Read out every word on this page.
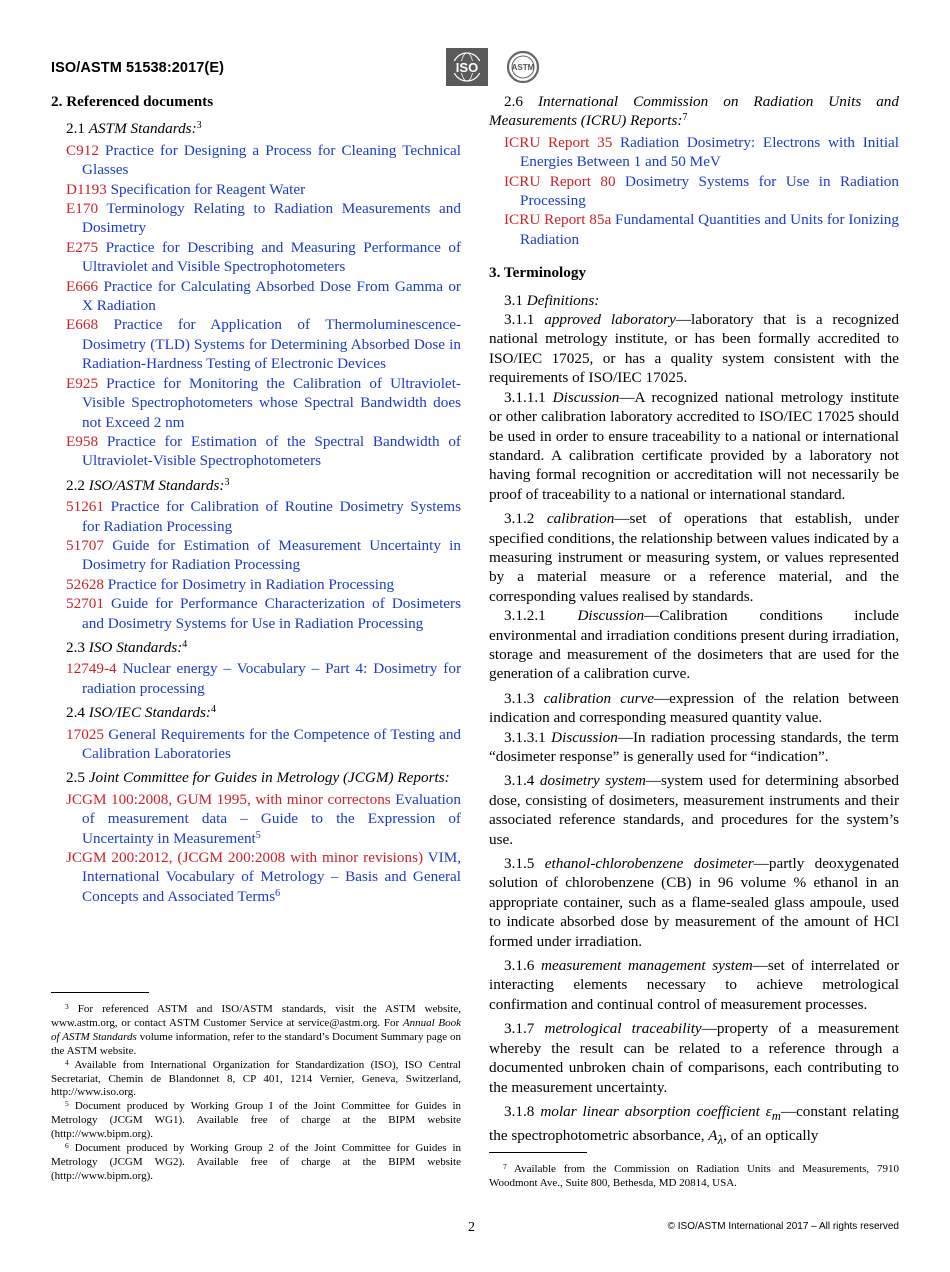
ISO/ASTM 51538:2017(E)	ISO	ASTM
2. Referenced documents
2.1 ASTM Standards:$^3$
C912 Practice for Designing a Process for Cleaning Technical Glasses
D1193 Specification for Reagent Water
E170 Terminology Relating to Radiation Measurements and Dosimetry
E275 Practice for Describing and Measuring Performance of Ultraviolet and Visible Spectrophotometers
E666 Practice for Calculating Absorbed Dose From Gamma or X Radiation
E668 Practice for Application of Thermoluminescence-Dosimetry (TLD) Systems for Determining Absorbed Dose in Radiation-Hardness Testing of Electronic Devices
E925 Practice for Monitoring the Calibration of Ultraviolet-Visible Spectrophotometers whose Spectral Bandwidth does not Exceed 2 nm
E958 Practice for Estimation of the Spectral Bandwidth of Ultraviolet-Visible Spectrophotometers
2.2 ISO/ASTM Standards:$^3$
51261 Practice for Calibration of Routine Dosimetry Systems for Radiation Processing
51707 Guide for Estimation of Measurement Uncertainty in Dosimetry for Radiation Processing
52628 Practice for Dosimetry in Radiation Processing
52701 Guide for Performance Characterization of Dosimeters and Dosimetry Systems for Use in Radiation Processing
2.3 ISO Standards:$^4$
12749-4 Nuclear energy – Vocabulary – Part 4: Dosimetry for radiation processing
2.4 ISO/IEC Standards:$^4$
17025 General Requirements for the Competence of Testing and Calibration Laboratories
2.5 Joint Committee for Guides in Metrology (JCGM) Reports:
JCGM 100:2008, GUM 1995, with minor correctons Evaluation of measurement data – Guide to the Expression of Uncertainty in Measurement$^5$
JCGM 200:2012, (JCGM 200:2008 with minor revisions) VIM, International Vocabulary of Metrology – Basis and General Concepts and Associated Terms$^6$
2.6 International Commission on Radiation Units and Measurements (ICRU) Reports:$^7$
ICRU Report 35 Radiation Dosimetry: Electrons with Initial Energies Between 1 and 50 MeV
ICRU Report 80 Dosimetry Systems for Use in Radiation Processing
ICRU Report 85a Fundamental Quantities and Units for Ionizing Radiation
3. Terminology
3.1 Definitions:
3.1.1 approved laboratory—laboratory that is a recognized national metrology institute, or has been formally accredited to ISO/IEC 17025, or has a quality system consistent with the requirements of ISO/IEC 17025.
3.1.1.1 Discussion—A recognized national metrology institute or other calibration laboratory accredited to ISO/IEC 17025 should be used in order to ensure traceability to a national or international standard. A calibration certificate provided by a laboratory not having formal recognition or accreditation will not necessarily be proof of traceability to a national or international standard.
3.1.2 calibration—set of operations that establish, under specified conditions, the relationship between values indicated by a measuring instrument or measuring system, or values represented by a material measure or a reference material, and the corresponding values realised by standards.
3.1.2.1 Discussion—Calibration conditions include environmental and irradiation conditions present during irradiation, storage and measurement of the dosimeters that are used for the generation of a calibration curve.
3.1.3 calibration curve—expression of the relation between indication and corresponding measured quantity value.
3.1.3.1 Discussion—In radiation processing standards, the term “dosimeter response” is generally used for “indication”.
3.1.4 dosimetry system—system used for determining absorbed dose, consisting of dosimeters, measurement instruments and their associated reference standards, and procedures for the system’s use.
3.1.5 ethanol-chlorobenzene dosimeter—partly deoxygenated solution of chlorobenzene (CB) in 96 volume % ethanol in an appropriate container, such as a flame-sealed glass ampoule, used to indicate absorbed dose by measurement of the amount of HCl formed under irradiation.
3.1.6 measurement management system—set of interrelated or interacting elements necessary to achieve metrological confirmation and continual control of measurement processes.
3.1.7 metrological traceability—property of a measurement whereby the result can be related to a reference through a documented unbroken chain of comparisons, each contributing to the measurement uncertainty.
3.1.8 molar linear absorption coefficient $\varepsilon_m—constant$ relating the spectrophotometric absorbance, $A_\lambda$, of an optically

$^3$ For referenced ASTM and ISO/ASTM standards, visit the ASTM website, www.astm.org, or contact ASTM Customer Service at service@astm.org. For Annual Book of ASTM Standards volume information, refer to the standard’s Document Summary page on the ASTM website.

$^4$ Available from International Organization for Standardization (ISO), ISO Central Secretariat, Chemin de Blandonnet 8, CP 401, 1214 Vernier, Geneva, Switzerland, http://www.iso.org.

$^5$ Document produced by Working Group I of the Joint Committee for Guides in Metrology (JCGM WG1). Available free of charge at the BIPM website (http://www.bipm.org).

$^6$ Document produced by Working Group 2 of the Joint Committee for Guides in Metrology (JCGM WG2). Available free of charge at the BIPM website (http://www.bipm.org).

$^7$ Available from the Commission on Radiation Units and Measurements, 7910 Woodmont Ave., Suite 800, Bethesda, MD 20814, USA.

2	© ISO/ASTM International 2017 – All rights reserved
